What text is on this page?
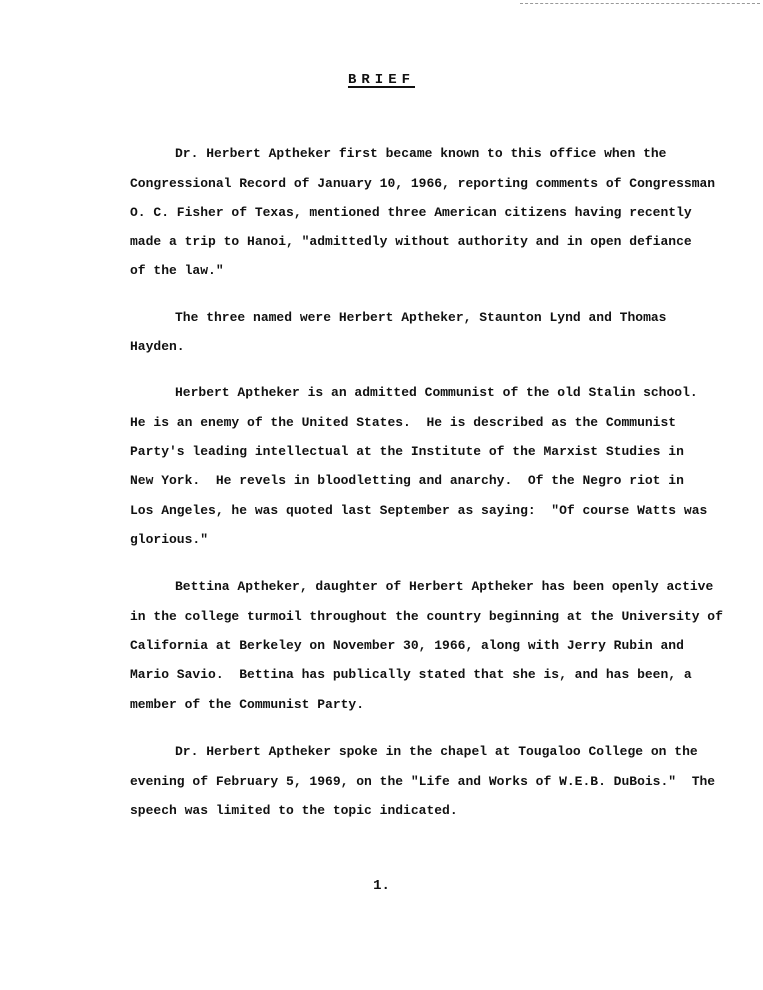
BRIEF
Dr. Herbert Aptheker first became known to this office when the
Congressional Record of January 10, 1966, reporting comments of Congressman
O. C. Fisher of Texas, mentioned three American citizens having recently
made a trip to Hanoi, "admittedly without authority and in open defiance
of the law."
The three named were Herbert Aptheker, Staunton Lynd and Thomas
Hayden.
Herbert Aptheker is an admitted Communist of the old Stalin school.
He is an enemy of the United States.  He is described as the Communist
Party's leading intellectual at the Institute of the Marxist Studies in
New York.  He revels in bloodletting and anarchy.  Of the Negro riot in
Los Angeles, he was quoted last September as saying:  "Of course Watts was
glorious."
Bettina Aptheker, daughter of Herbert Aptheker has been openly active
in the college turmoil throughout the country beginning at the University of
California at Berkeley on November 30, 1966, along with Jerry Rubin and
Mario Savio.  Bettina has publically stated that she is, and has been, a
member of the Communist Party.
Dr. Herbert Aptheker spoke in the chapel at Tougaloo College on the
evening of February 5, 1969, on the "Life and Works of W.E.B. DuBois."  The
speech was limited to the topic indicated.
1.
